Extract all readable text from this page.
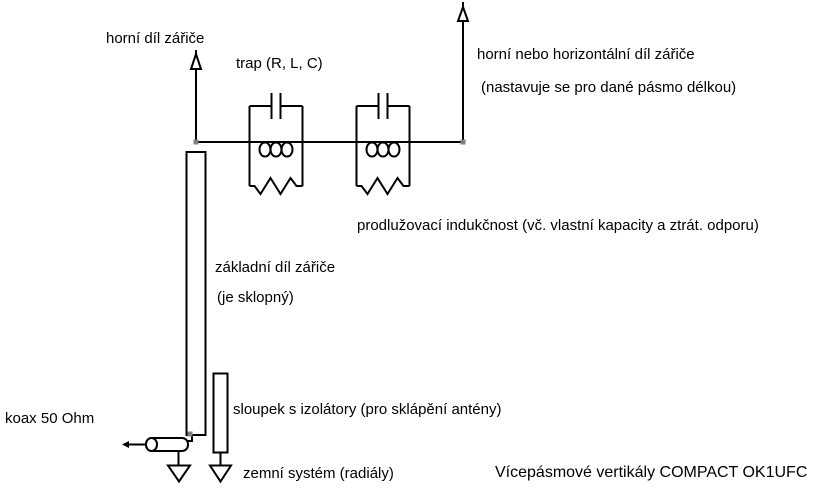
horní díl zářiče
trap (R, L, C)
horní nebo horizontální díl zářiče
(nastavuje se pro dané pásmo délkou)
prodlužovací indukčnost (vč. vlastní kapacity a ztrát. odporu)
základní díl zářiče
(je sklopný)
koax 50 Ohm
sloupek s izolátory (pro sklápění antény)
zemní systém (radiály)	Vícepásmové vertikály COMPACT OK1UFC
